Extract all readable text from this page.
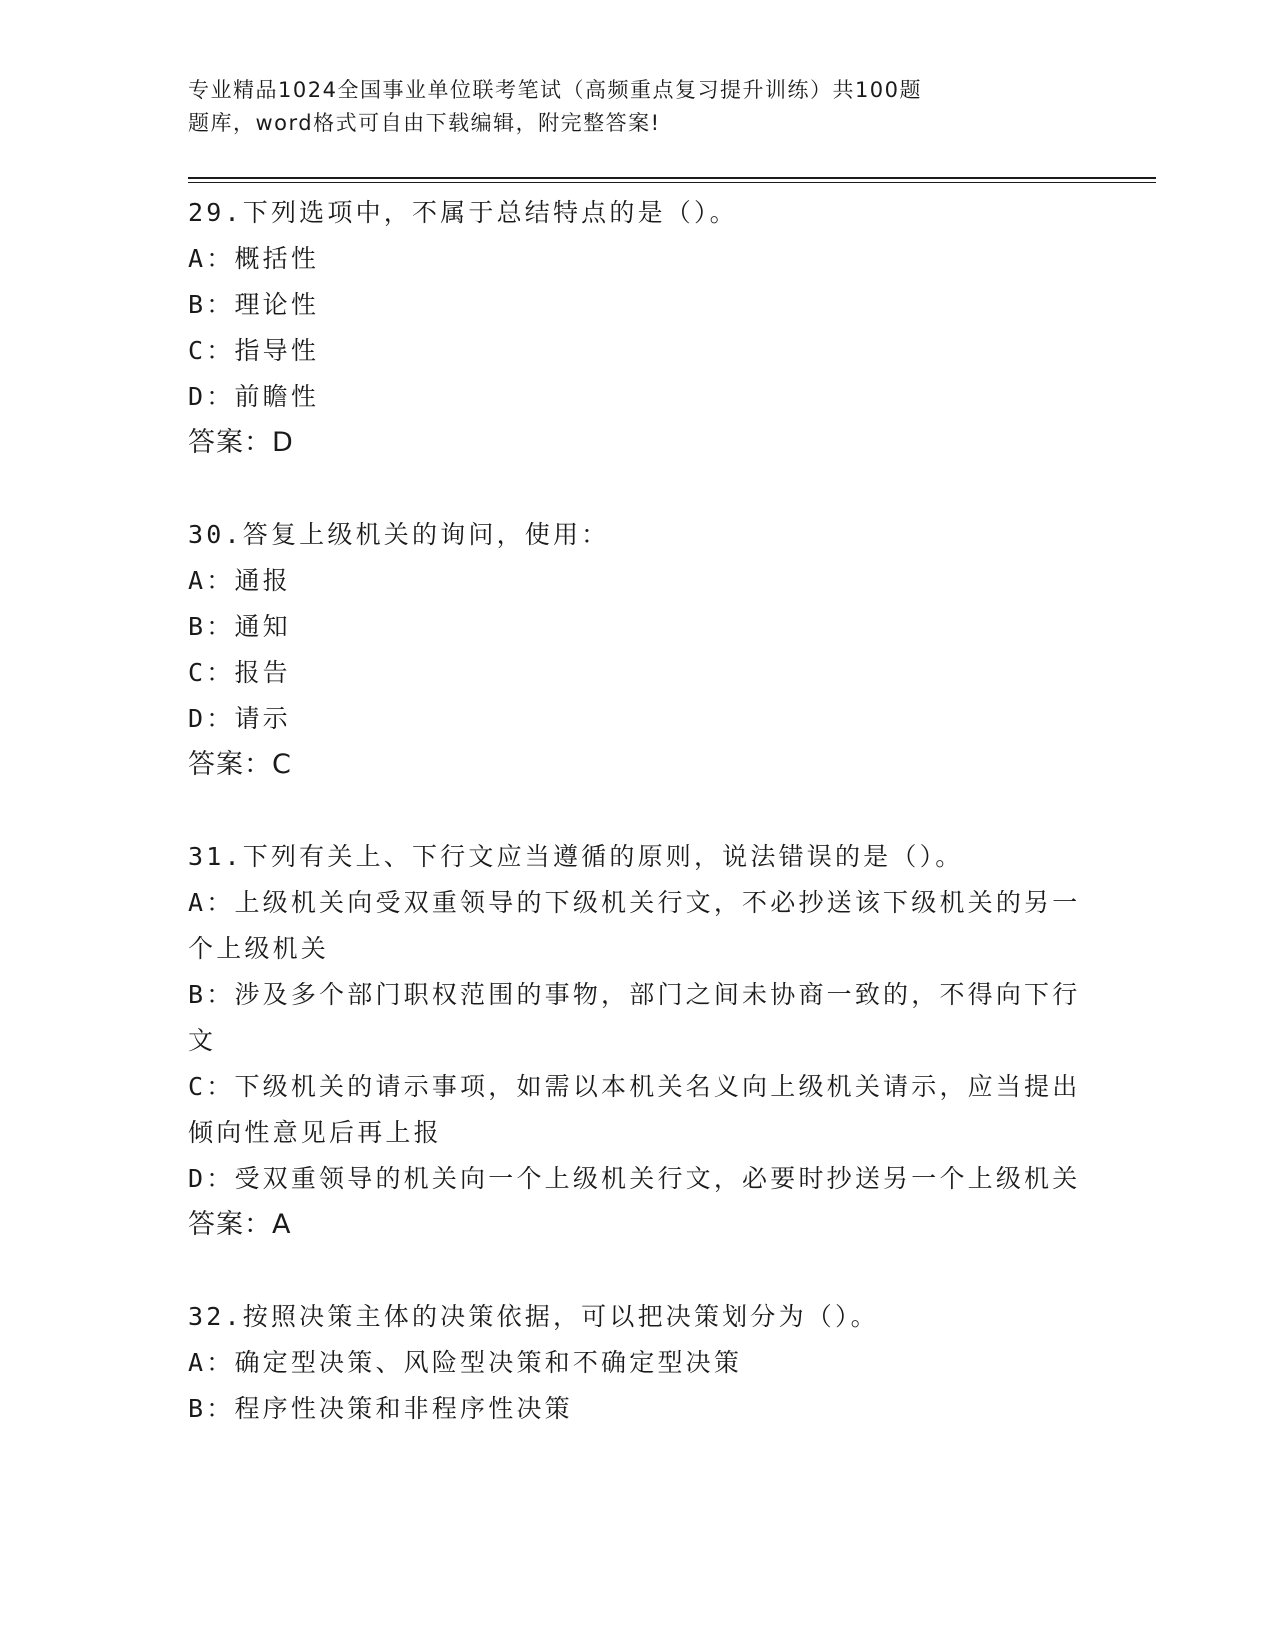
专业精品1024全国事业单位联考笔试（高频重点复习提升训练）共100题
题库，word格式可自由下载编辑，附完整答案!

29.下列选项中，不属于总结特点的是（）。

A：概括性

B：理论性

C：指导性

D：前瞻性

答案：D

30.答复上级机关的询问，使用：

A：通报

B：通知

C：报告

D：请示

答案：C

31.下列有关上、下行文应当遵循的原则，说法错误的是（）。

A：上级机关向受双重领导的下级机关行文，不必抄送该下级机关的另一个上级机关

B：涉及多个部门职权范围的事物，部门之间未协商一致的，不得向下行文

C：下级机关的请示事项，如需以本机关名义向上级机关请示，应当提出倾向性意见后再上报

D：受双重领导的机关向一个上级机关行文，必要时抄送另一个上级机关

答案：A

32.按照决策主体的决策依据，可以把决策划分为（）。

A：确定型决策、风险型决策和不确定型决策

B：程序性决策和非程序性决策
